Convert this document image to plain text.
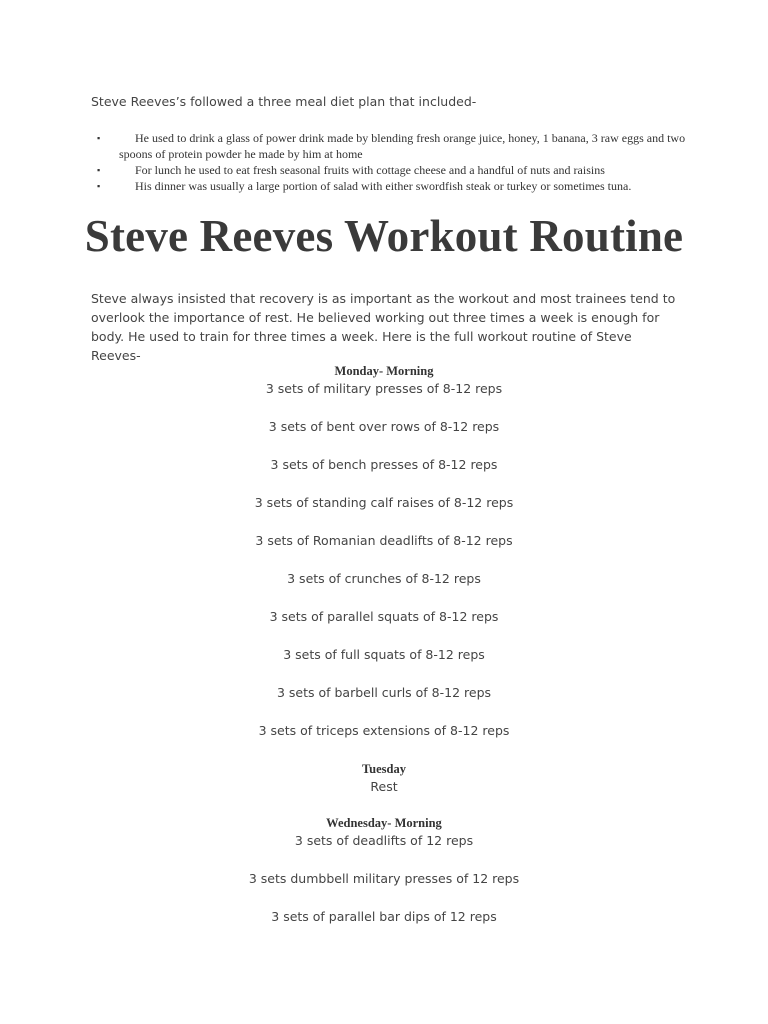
Steve Reeves’s followed a three meal diet plan that included-

▪	He used to drink a glass of power drink made by blending fresh orange juice, honey, 1 banana, 3 raw eggs and two spoons of protein powder he made by him at home
▪	For lunch he used to eat fresh seasonal fruits with cottage cheese and a handful of nuts and raisins
▪	His dinner was usually a large portion of salad with either swordfish steak or turkey or sometimes tuna.
Steve Reeves Workout Routine

Steve always insisted that recovery is as important as the workout and most trainees tend to overlook the importance of rest. He believed working out three times a week is enough for body. He used to train for three times a week. Here is the full workout routine of Steve Reeves-

Monday- Morning

3 sets of military presses of 8-12 reps

3 sets of bent over rows of 8-12 reps

3 sets of bench presses of 8-12 reps

3 sets of standing calf raises of 8-12 reps

3 sets of Romanian deadlifts of 8-12 reps

3 sets of crunches of 8-12 reps

3 sets of parallel squats of 8-12 reps

3 sets of full squats of 8-12 reps

3 sets of barbell curls of 8-12 reps

3 sets of triceps extensions of 8-12 reps

Tuesday

Rest

Wednesday- Morning

3 sets of deadlifts of 12 reps

3 sets dumbbell military presses of 12 reps

3 sets of parallel bar dips of 12 reps
